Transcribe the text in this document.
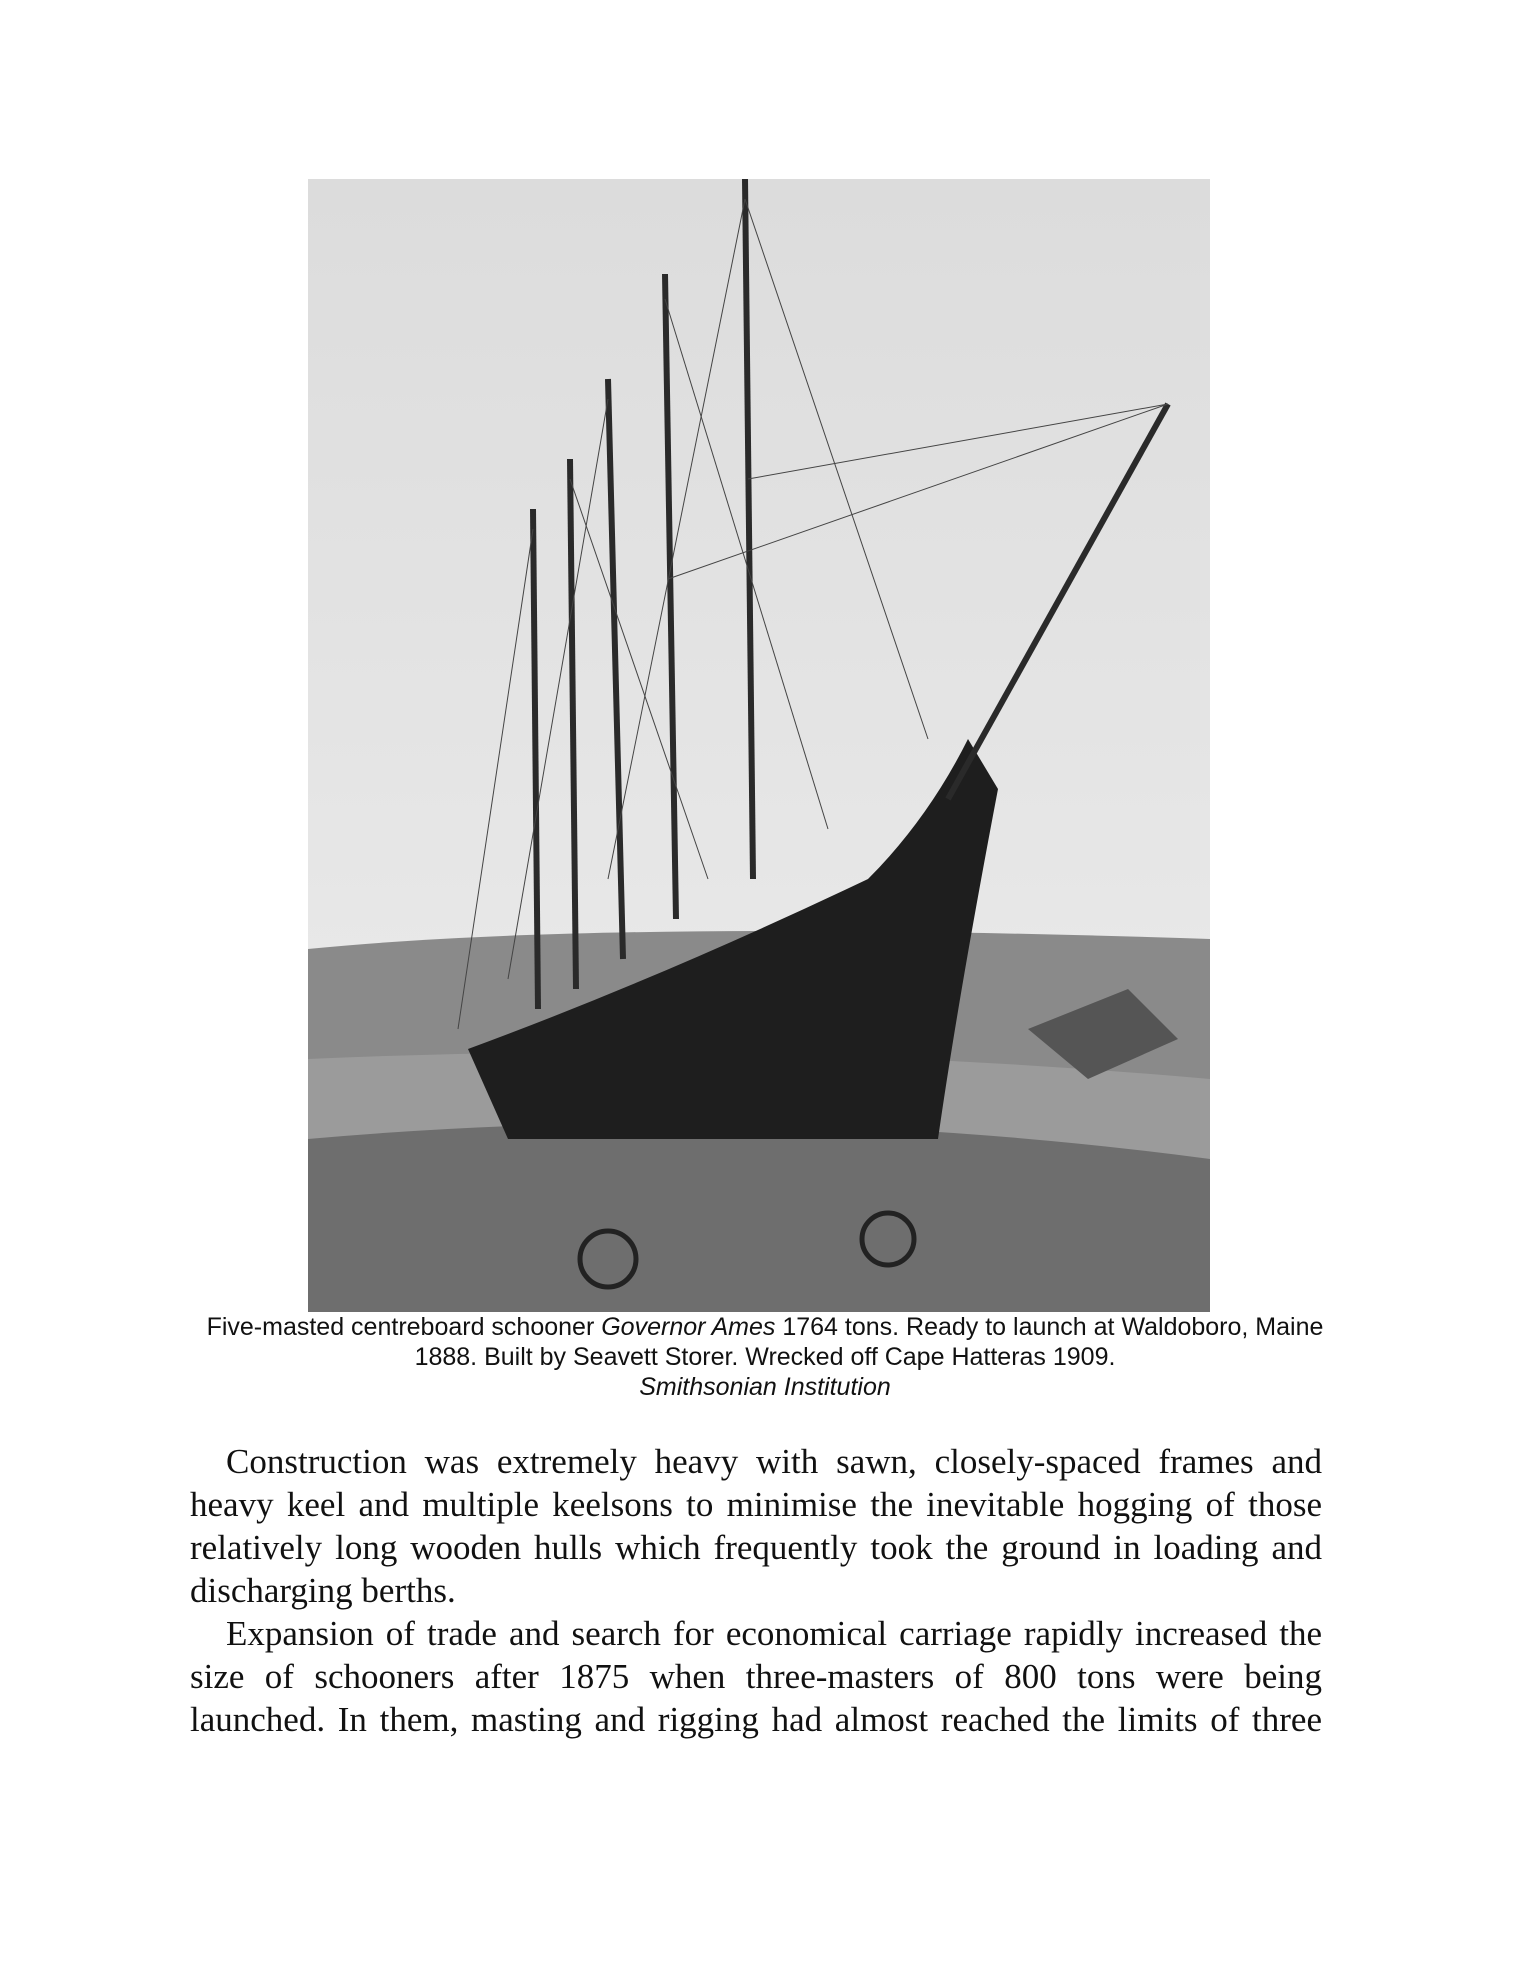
Five-masted centreboard schooner Governor Ames 1764 tons. Ready to launch at Waldoboro, Maine 1888. Built by Seavett Storer. Wrecked off Cape Hatteras 1909.
Smithsonian Institution

Construction was extremely heavy with sawn, closely-spaced frames and heavy keel and multiple keelsons to minimise the inevitable hogging of those relatively long wooden hulls which frequently took the ground in loading and discharging berths.

Expansion of trade and search for economical carriage rapidly increased the size of schooners after 1875 when three-masters of 800 tons were being launched. In them, masting and rigging had almost reached the limits of three
